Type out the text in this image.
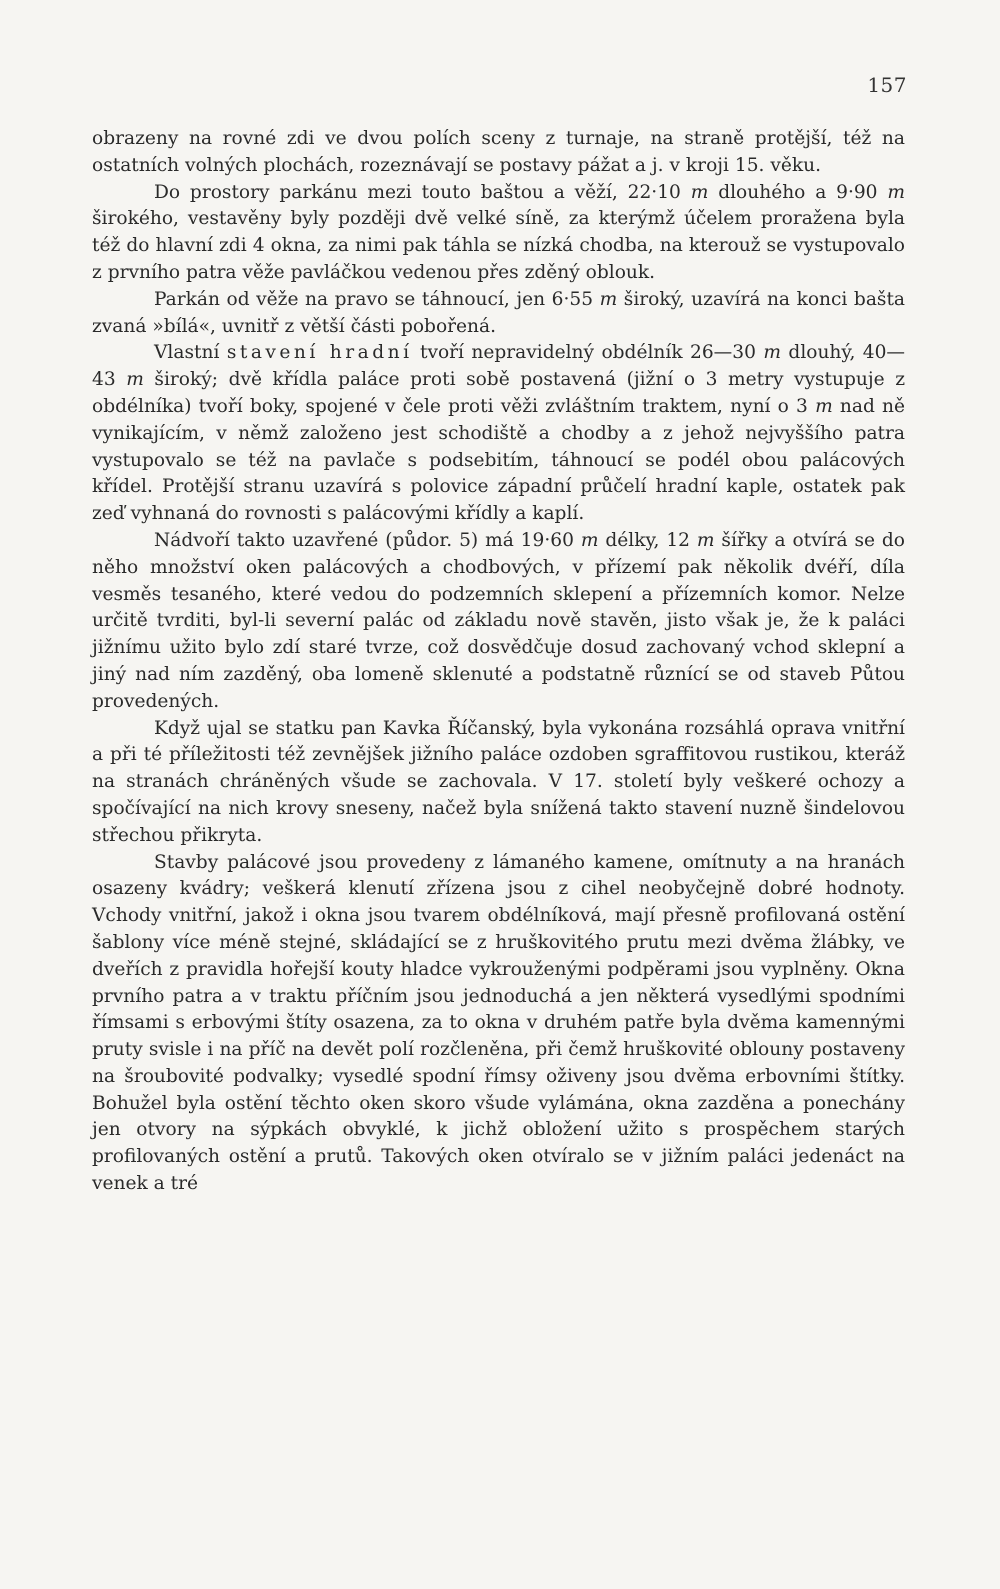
157

obrazeny na rovné zdi ve dvou polích sceny z turnaje, na straně protější, též na ostatních volných plochách, rozeznávají se postavy pážat a j. v kroji 15. věku.

Do prostory parkánu mezi touto baštou a věží, 22·10 m dlouhého a 9·90 m širokého, vestavěny byly později dvě velké síně, za kterýmž účelem proražena byla též do hlavní zdi 4 okna, za nimi pak táhla se nízká chodba, na kterouž se vystupovalo z prvního patra věže pavláčkou vedenou přes zděný oblouk.

Parkán od věže na pravo se táhnoucí, jen 6·55 m široký, uzavírá na konci bašta zvaná »bílá«, uvnitř z větší části pobořená.

Vlastní stavení hradní tvoří nepravidelný obdélník 26—30 m dlouhý, 40—43 m široký; dvě křídla paláce proti sobě postavená (jižní o 3 metry vystupuje z obdélníka) tvoří boky, spojené v čele proti věži zvláštním traktem, nyní o 3 m nad ně vynikajícím, v němž založeno jest schodiště a chodby a z jehož nejvyššího patra vystupovalo se též na pavlače s podsebitím, táhnoucí se podél obou palácových křídel. Protější stranu uzavírá s polovice západní průčelí hradní kaple, ostatek pak zeď vyhnaná do rovnosti s palácovými křídly a kaplí.

Nádvoří takto uzavřené (půdor. 5) má 19·60 m délky, 12 m šířky a otvírá se do něho množství oken palácových a chodbových, v přízemí pak několik dvéří, díla vesměs tesaného, které vedou do podzemních sklepení a přízemních komor. Nelze určitě tvrditi, byl-li severní palác od základu nově stavěn, jisto však je, že k paláci jižnímu užito bylo zdí staré tvrze, což dosvědčuje dosud zachovaný vchod sklepní a jiný nad ním zazděný, oba lomeně sklenuté a podstatně různící se od staveb Půtou provedených.

Když ujal se statku pan Kavka Říčanský, byla vykonána rozsáhlá oprava vnitřní a při té příležitosti též zevnějšek jižního paláce ozdoben sgraffitovou rustikou, kteráž na stranách chráněných všude se zachovala. V 17. století byly veškeré ochozy a spočívající na nich krovy sneseny, načež byla snížená takto stavení nuzně šindelovou střechou přikryta.

Stavby palácové jsou provedeny z lámaného kamene, omítnuty a na hranách osazeny kvádry; veškerá klenutí zřízena jsou z cihel neobyčejně dobré hodnoty. Vchody vnitřní, jakož i okna jsou tvarem obdélníková, mají přesně profilovaná ostění šablony více méně stejné, skládající se z hruškovitého prutu mezi dvěma žlábky, ve dveřích z pravidla hořejší kouty hladce vykrouženými podpěrami jsou vyplněny. Okna prvního patra a v traktu příčním jsou jednoduchá a jen některá vysedlými spodními římsami s erbovými štíty osazena, za to okna v druhém patře byla dvěma kamennými pruty svisle i na příč na devět polí rozčleněna, při čemž hruškovité oblouny postaveny na šroubovité podvalky; vysedlé spodní římsy oživeny jsou dvěma erbovními štítky. Bohužel byla ostění těchto oken skoro všude vylámána, okna zazděna a ponechány jen otvory na sýpkách obvyklé, k jichž obložení užito s prospěchem starých profilovaných ostění a prutů. Takových oken otvíralo se v jižním paláci jedenáct na venek a tré
